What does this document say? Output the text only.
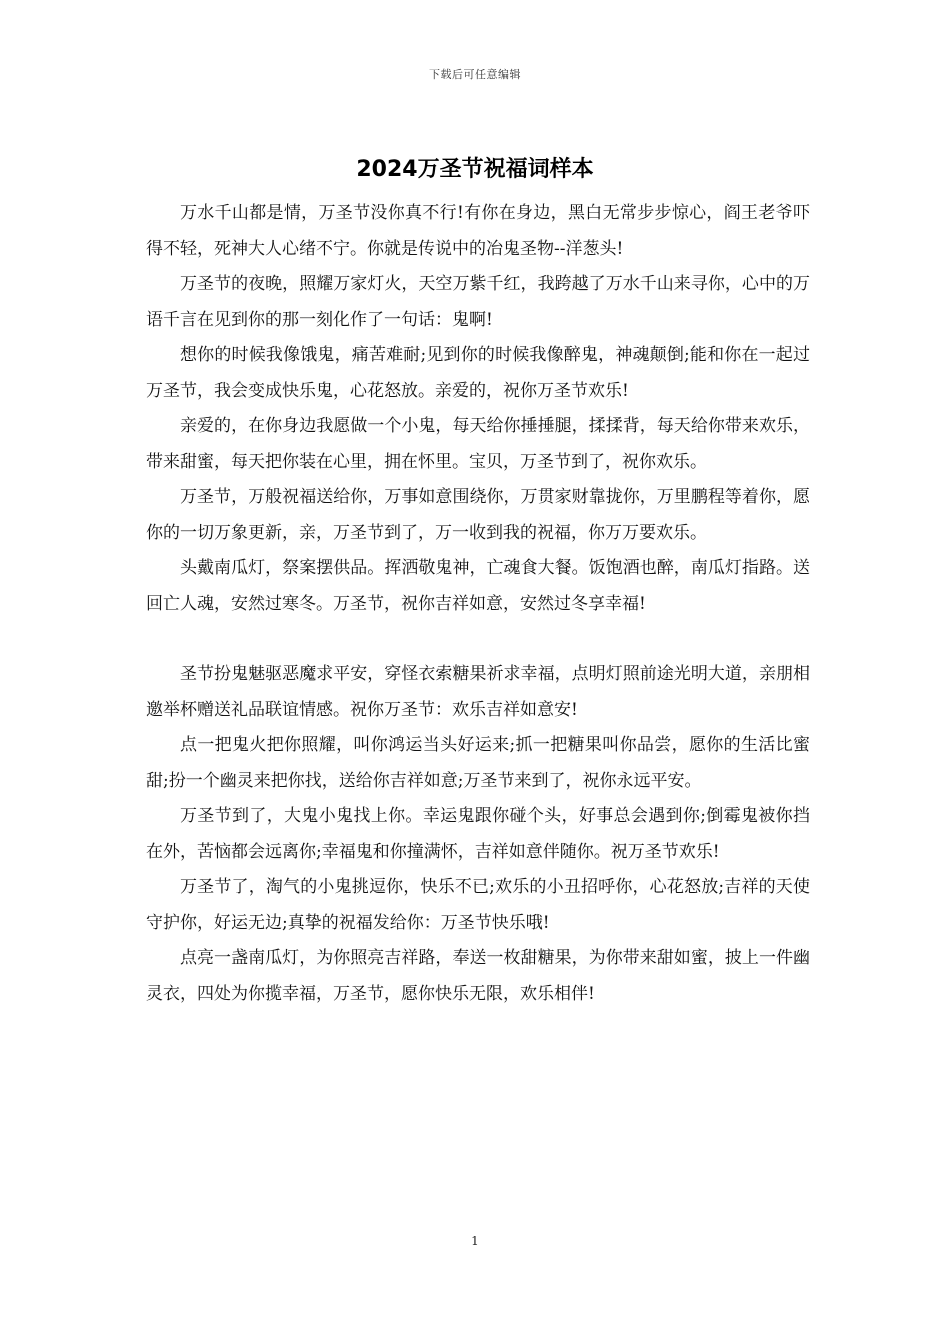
下载后可任意编辑
2024万圣节祝福词样本

万水千山都是情，万圣节没你真不行!有你在身边，黑白无常步步惊心，阎王老爷吓得不轻，死神大人心绪不宁。你就是传说中的冶鬼圣物--洋葱头!

万圣节的夜晚，照耀万家灯火，天空万紫千红，我跨越了万水千山来寻你，心中的万语千言在见到你的那一刻化作了一句话：鬼啊!

想你的时候我像饿鬼，痛苦难耐;见到你的时候我像醉鬼，神魂颠倒;能和你在一起过万圣节，我会变成快乐鬼，心花怒放。亲爱的，祝你万圣节欢乐!

亲爱的，在你身边我愿做一个小鬼，每天给你捶捶腿，揉揉背，每天给你带来欢乐，带来甜蜜，每天把你装在心里，拥在怀里。宝贝，万圣节到了，祝你欢乐。

万圣节，万般祝福送给你，万事如意围绕你，万贯家财靠拢你，万里鹏程等着你，愿你的一切万象更新，亲，万圣节到了，万一收到我的祝福，你万万要欢乐。

头戴南瓜灯，祭案摆供品。挥洒敬鬼神，亡魂食大餐。饭饱酒也醉，南瓜灯指路。送回亡人魂，安然过寒冬。万圣节，祝你吉祥如意，安然过冬享幸福!

圣节扮鬼魅驱恶魔求平安，穿怪衣索糖果祈求幸福，点明灯照前途光明大道，亲朋相邀举杯赠送礼品联谊情感。祝你万圣节：欢乐吉祥如意安!

点一把鬼火把你照耀，叫你鸿运当头好运来;抓一把糖果叫你品尝，愿你的生活比蜜甜;扮一个幽灵来把你找，送给你吉祥如意;万圣节来到了，祝你永远平安。

万圣节到了，大鬼小鬼找上你。幸运鬼跟你碰个头，好事总会遇到你;倒霉鬼被你挡在外，苦恼都会远离你;幸福鬼和你撞满怀，吉祥如意伴随你。祝万圣节欢乐!

万圣节了，淘气的小鬼挑逗你，快乐不已;欢乐的小丑招呼你，心花怒放;吉祥的天使守护你，好运无边;真挚的祝福发给你：万圣节快乐哦!

点亮一盏南瓜灯，为你照亮吉祥路，奉送一枚甜糖果，为你带来甜如蜜，披上一件幽灵衣，四处为你揽幸福，万圣节，愿你快乐无限，欢乐相伴!

1
